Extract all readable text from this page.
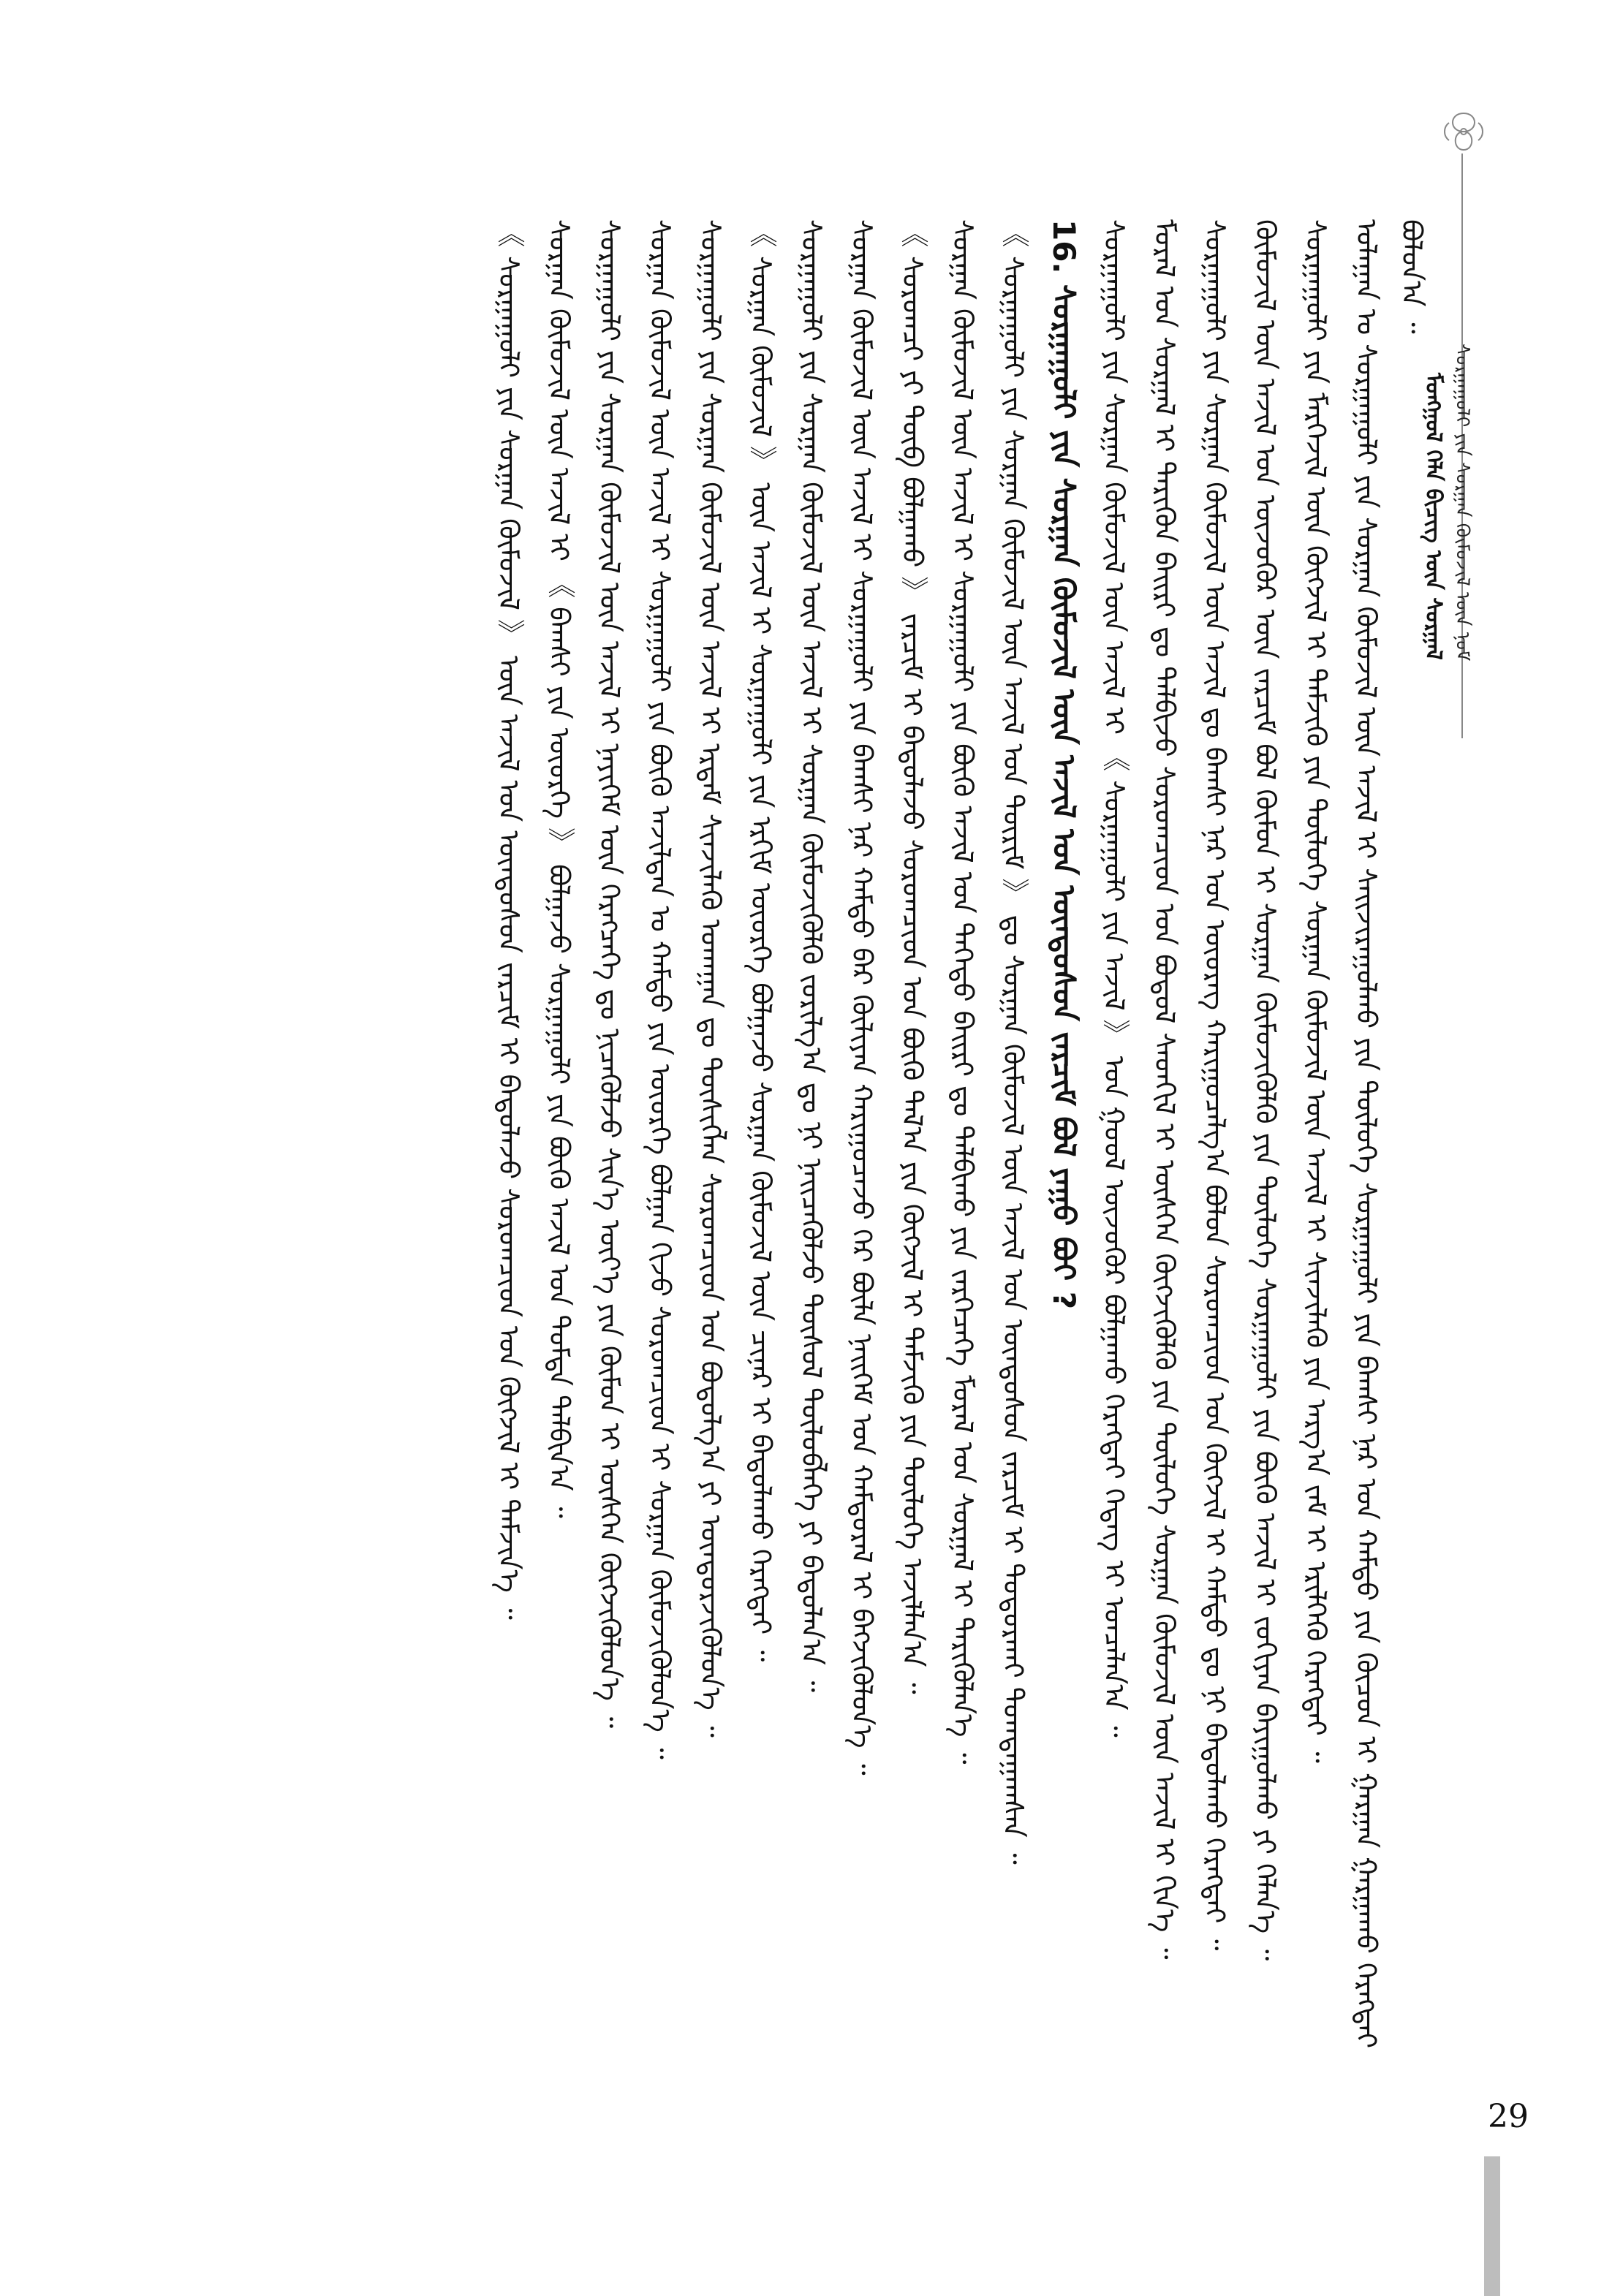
ᠮᠣᠩᠭᠣᠯ ᠬᠡᠯᠡ ᠪᠢᠴᠢᠭ᠌ ᠦᠨ ᠰᠤᠷᠭᠠᠯ ᠰᠤᠷᠭᠠᠭᠤᠯᠢ ᠶᠢᠨ ᠰᠤᠷᠭᠠᠨ ᠬᠦᠮᠦᠵᠢᠯ ᠦᠨ ᠨᠣᠮ
ᠤᠯᠠᠭᠠᠨ ᠤ ᠰᠤᠷᠭᠠᠭᠤᠯᠢ ᠶᠢᠨ ᠰᠤᠷᠭᠠᠨ ᠬᠦᠮᠦᠵᠢᠯ ᠦᠨ ᠠᠵᠢᠯ ᠢ ᠰᠠᠢᠵᠢᠷᠠᠭᠤᠯᠬᠤ ᠶᠢᠨ ᠲᠥᠯᠥᠭᠡ ᠰᠤᠷᠭᠠᠭᠤᠯᠢ ᠶᠢᠨ ᠪᠠᠭᠰᠢ ᠨᠠᠷ ᠤᠨ ᠬᠠᠮᠲᠤ ᠶᠢᠨ ᠬᠦᠴᠦᠨ ᠢ ᠭᠠᠷᠭᠠᠨ ᠭᠠᠷᠭᠠᠬᠤ ᠬᠡᠷᠡᠭᠲᠡᠢ ᠪᠣᠯᠤᠨ᠎ᠠ ᠃
ᠰᠤᠷᠭᠠᠭᠤᠯᠢ ᠶᠢᠨ ᠮᠡᠷᠭᠡᠵᠢᠯ ᠦᠨ ᠬᠥᠭᠵᠢᠯ ᠢ ᠳᠡᠮᠵᠢᠬᠦ ᠶᠢᠨ ᠲᠥᠯᠥᠭᠡ ᠰᠤᠷᠭᠠᠨ ᠬᠦᠮᠦᠵᠢᠯ ᠦᠨ ᠠᠵᠢᠯ ᠢ ᠰᠢᠨᠵᠢᠯᠡᠬᠦ ᠶᠢᠨ ᠠᠷᠭ᠎ᠠ ᠵᠠᠮ ᠢ ᠡᠷᠢᠯᠬᠡᠬᠦ ᠬᠡᠷᠡᠭᠲᠡᠢ ᠃
ᠬᠦᠮᠦᠵᠢᠯ ᠦᠨ ᠠᠵᠢᠯ ᠤᠨ ᠦᠵᠦᠭᠦᠷ ᠦᠨ ᠵᠠᠷᠴᠢᠮ ᠪᠣᠯ ᠬᠦᠮᠦᠨ ᠢ ᠰᠤᠷᠭᠠᠨ ᠬᠦᠮᠦᠵᠢᠭᠦᠯᠬᠦ ᠶᠢᠨ ᠲᠥᠯᠥᠭᠡ ᠰᠤᠷᠭᠠᠭᠤᠯᠢ ᠶᠢᠨ ᠪᠦᠬᠦ ᠠᠵᠢᠯ ᠢ ᠵᠣᠬᠢᠶᠠᠨ ᠪᠠᠶᠢᠭᠤᠯᠬᠤ ᠶᠢ ᠬᠡᠯᠡᠨ᠎ᠡ ᠃
ᠰᠤᠷᠭᠠᠭᠤᠯᠢ ᠶᠢᠨ ᠰᠤᠷᠭᠠᠨ ᠬᠦᠮᠦᠵᠢᠯ ᠦᠨ ᠠᠵᠢᠯ ᠳᠤ ᠪᠠᠭᠰᠢ ᠨᠠᠷ ᠤᠨ ᠦᠦᠷᠡᠭ ᠬᠠᠷᠢᠭᠤᠴᠠᠯᠭ᠎ᠠ ᠪᠣᠯᠤᠨ ᠰᠤᠷᠤᠭᠴᠢᠳ ᠤᠨ ᠬᠥᠭᠵᠢᠯ ᠢ ᠬᠠᠮᠲᠤ ᠳᠤ ᠨᠢ ᠪᠠᠲᠤᠯᠠᠬᠤ ᠬᠡᠷᠡᠭᠲᠡᠢ ᠃
ᠮᠣᠷᠠᠯ ᠤᠨ ᠰᠤᠷᠭᠠᠯ ᠢ ᠲᠡᠷᠢᠭᠦᠨ ᠪᠠᠢᠷᠢ ᠳᠤ ᠲᠠᠯᠪᠢᠵᠤ ᠰᠤᠷᠤᠭᠴᠢᠳ ᠤᠨ ᠪᠣᠳᠤᠯ ᠰᠡᠳᠬᠢᠯ ᠢ ᠥᠰᠭᠡᠨ ᠬᠥᠭᠵᠢᠭᠦᠯᠬᠦ ᠶᠢᠨ ᠲᠥᠯᠥᠭᠡ ᠰᠤᠷᠭᠠᠨ ᠬᠦᠮᠦᠵᠢᠯ ᠦᠨ ᠠᠵᠢᠯ ᠢ ᠬᠢᠨ᠎ᠡ ᠃
ᠰᠤᠷᠭᠠᠭᠤᠯᠢ ᠶᠢᠨ ᠰᠤᠷᠭᠠᠨ ᠬᠦᠮᠦᠵᠢᠯ ᠦᠨ ᠠᠵᠢᠯ ᠢ 《 ᠰᠤᠷᠭᠠᠭᠤᠯᠢ ᠶᠢᠨ ᠠᠵᠢᠯ 》 ᠤᠨ ᠭᠣᠣᠯ ᠦᠵᠦᠭᠦᠷ ᠪᠣᠯᠭᠠᠬᠤ ᠬᠡᠷᠡᠭᠲᠡᠢ ᠭᠡᠳᠡᠭ ᠢ ᠣᠨᠴᠠᠯᠠᠨ᠎ᠠ ᠃
16. ᠰᠤᠷᠭᠠᠭᠤᠯᠢ ᠶᠢᠨ ᠰᠤᠷᠭᠠᠨ ᠬᠦᠮᠦᠵᠢᠯ ᠦᠨ ᠠᠵᠢᠯ ᠤᠨ ᠦᠨᠳᠦᠰᠦᠨ ᠵᠠᠷᠴᠢᠮ ᠪᠣᠯ ᠶᠠᠭᠤ ᠪᠤᠢ ?
《 ᠰᠤᠷᠭᠠᠭᠤᠯᠢ ᠶᠢᠨ ᠰᠤᠷᠭᠠᠨ ᠬᠦᠮᠦᠵᠢᠯ ᠦᠨ ᠠᠵᠢᠯ ᠤᠨ ᠳᠦᠷᠢᠮ 》 ᠳᠤ ᠰᠤᠷᠭᠠᠨ ᠬᠦᠮᠦᠵᠢᠯ ᠦᠨ ᠠᠵᠢᠯ ᠤᠨ ᠦᠨᠳᠦᠰᠦᠨ ᠵᠠᠷᠴᠢᠮ ᠢ ᠲᠣᠳᠣᠷᠬᠠᠶ ᠲᠣᠭᠲᠠᠭᠠᠭᠰᠠᠨ ᠃
ᠰᠤᠷᠭᠠᠨ ᠬᠦᠮᠦᠵᠢᠯ ᠦᠨ ᠠᠵᠢᠯ ᠢ ᠰᠤᠷᠭᠠᠭᠤᠯᠢ ᠶᠢᠨ ᠪᠦᠬᠦ ᠠᠵᠢᠯ ᠤᠨ ᠳᠡᠭᠡᠳᠦ ᠪᠠᠢᠷᠢ ᠳᠤ ᠲᠠᠯᠪᠢᠬᠤ ᠶᠢᠨ ᠵᠡᠷᠭᠡᠴᠡᠭᠡ ᠮᠣᠷᠠᠯ ᠤᠨ ᠰᠤᠷᠭᠠᠯ ᠢ ᠲᠡᠷᠢᠭᠦᠯᠡᠨ᠎ᠡ ᠃
《 ᠰᠤᠷᠤᠭᠴᠢ ᠶᠢ ᠲᠥᠪ ᠪᠣᠯᠭᠠᠬᠤ 》 ᠵᠠᠷᠴᠢᠮ ᠢ ᠪᠠᠲᠤᠯᠠᠵᠤ ᠰᠤᠷᠤᠭᠴᠢᠳ ᠤᠨ ᠪᠦᠬᠦ ᠲᠠᠯ᠎ᠠ ᠶᠢᠨ ᠬᠥᠭᠵᠢᠯ ᠢ ᠳᠡᠮᠵᠢᠬᠦ ᠶᠢᠨ ᠲᠥᠯᠥᠭᠡ ᠠᠵᠢᠯᠯᠠᠨ᠎ᠠ ᠃
ᠰᠤᠷᠭᠠᠨ ᠬᠦᠮᠦᠵᠢᠯ ᠦᠨ ᠠᠵᠢᠯ ᠢ ᠰᠤᠷᠭᠠᠭᠤᠯᠢ ᠶᠢᠨ ᠪᠠᠭᠰᠢ ᠨᠠᠷ ᠬᠠᠮᠲᠤ ᠪᠡᠷ ᠬᠦᠯᠢᠶᠡᠨ ᠬᠠᠷᠢᠭᠤᠴᠠᠵᠤ ᠭᠡᠷ ᠪᠦᠯᠡ ᠨᠡᠢᠭᠡᠮ ᠤᠨ ᠬᠠᠮᠲᠤᠷᠠᠯ ᠢ ᠪᠡᠬᠵᠢᠭᠦᠯᠦᠨ᠎ᠡ ᠃
ᠰᠤᠷᠭᠠᠭᠤᠯᠢ ᠶᠢᠨ ᠰᠤᠷᠭᠠᠨ ᠬᠦᠮᠦᠵᠢᠯ ᠦᠨ ᠠᠵᠢᠯ ᠢ ᠰᠤᠷᠭᠠᠨ ᠬᠦᠮᠦᠵᠢᠭᠦᠯᠬᠦ ᠵᠣᠷᠢᠯᠭ᠎ᠠ ᠳᠤ ᠨᠢ ᠨᠡᠢᠴᠡᠭᠦᠯᠵᠦ ᠲᠥᠰᠥᠯ ᠲᠥᠯᠥᠪᠯᠡᠭᠡ ᠶᠢ ᠪᠠᠲᠤᠯᠠᠨ᠎ᠠ ᠃
《 ᠰᠤᠷᠭᠠᠨ ᠬᠦᠮᠦᠵᠢᠯ 》 ᠦᠨ ᠠᠵᠢᠯ ᠢ ᠰᠤᠷᠭᠠᠭᠤᠯᠢ ᠶᠢᠨ ᠡᠷᠬᠢᠮ ᠦᠦᠷᠭᠡ ᠪᠣᠯᠭᠠᠵᠤ ᠰᠤᠷᠭᠠᠨ ᠬᠦᠮᠦᠵᠢᠯ ᠦᠨ ᠴᠢᠨᠠᠷ ᠢ ᠪᠠᠲᠤᠯᠠᠬᠤ ᠬᠡᠷᠡᠭᠲᠡᠢ ᠃
ᠰᠤᠷᠭᠠᠭᠤᠯᠢ ᠶᠢᠨ ᠰᠤᠷᠭᠠᠨ ᠬᠦᠮᠦᠵᠢᠯ ᠦᠨ ᠠᠵᠢᠯ ᠢ ᠡᠷᠳᠡᠮ ᠰᠢᠨᠵᠢᠯᠡᠬᠦ ᠤᠬᠠᠭᠠᠨ ᠳᠤ ᠲᠦᠰᠢᠭᠯᠡᠨ ᠰᠤᠷᠤᠭᠴᠢᠳ ᠤᠨ ᠪᠣᠳᠤᠯᠭ᠎ᠠ ᠶᠢ ᠥᠨᠳᠥᠷᠵᠢᠭᠦᠯᠦᠨ᠎ᠡ ᠃
ᠰᠤᠷᠭᠠᠨ ᠬᠦᠮᠦᠵᠢᠯ ᠦᠨ ᠠᠵᠢᠯ ᠢ ᠰᠤᠷᠭᠠᠭᠤᠯᠢ ᠶᠢᠨ ᠪᠦᠬᠦ ᠠᠵᠢᠯᠲᠠᠨ ᠤ ᠬᠠᠮᠲᠤ ᠶᠢᠨ ᠦᠦᠷᠭᠡ ᠪᠣᠯᠭᠠᠨ ᠬᠢᠵᠦ ᠰᠤᠷᠤᠭᠴᠢᠳ ᠢ ᠰᠤᠷᠭᠠᠨ ᠬᠦᠮᠦᠵᠢᠭᠦᠯᠦᠨ᠎ᠡ ᠃
ᠰᠤᠷᠭᠠᠭᠤᠯᠢ ᠶᠢᠨ ᠰᠤᠷᠭᠠᠨ ᠬᠦᠮᠦᠵᠢᠯ ᠦᠨ ᠠᠵᠢᠯ ᠢ ᠨᠡᠶᠢᠭᠡᠮ ᠦᠨ ᠬᠡᠷᠡᠭᠴᠡᠭᠡ ᠳᠤ ᠨᠢᠴᠡᠭᠦᠯᠵᠦ ᠰᠢᠨ᠎ᠡ ᠦᠶ᠎ᠡ ᠶᠢᠨ ᠬᠦᠮᠦᠨ ᠢ ᠥᠰᠭᠡᠨ ᠬᠥᠭᠵᠢᠭᠦᠯᠦᠨ᠎ᠡ ᠃
ᠰᠤᠷᠭᠠᠨ ᠬᠦᠮᠦᠵᠢᠯ ᠦᠨ ᠠᠵᠢᠯ ᠢ 《 ᠪᠠᠭᠰᠢ ᠶᠢᠨ ᠦᠦᠷᠭᠡ 》 ᠪᠣᠯᠭᠠᠵᠤ ᠰᠤᠷᠭᠠᠭᠤᠯᠢ ᠶᠢᠨ ᠪᠦᠬᠦ ᠠᠵᠢᠯ ᠤᠨ ᠳᠤᠮᠳᠠ ᠲᠠᠯᠪᠢᠨ᠎ᠠ ᠃
《 ᠰᠤᠷᠭᠠᠭᠤᠯᠢ ᠶᠢᠨ ᠰᠤᠷᠭᠠᠨ ᠬᠦᠮᠦᠵᠢᠯ 》 ᠦᠨ ᠠᠵᠢᠯ ᠤᠨ ᠦᠨᠳᠦᠰᠦᠨ ᠵᠠᠷᠴᠢᠮ ᠢ ᠪᠠᠲᠤᠯᠠᠵᠤ ᠰᠤᠷᠤᠭᠴᠢᠳ ᠤᠨ ᠬᠥᠭᠵᠢᠯ ᠢ ᠳᠡᠮᠵᠢᠨ᠎ᠡ ᠃
29
